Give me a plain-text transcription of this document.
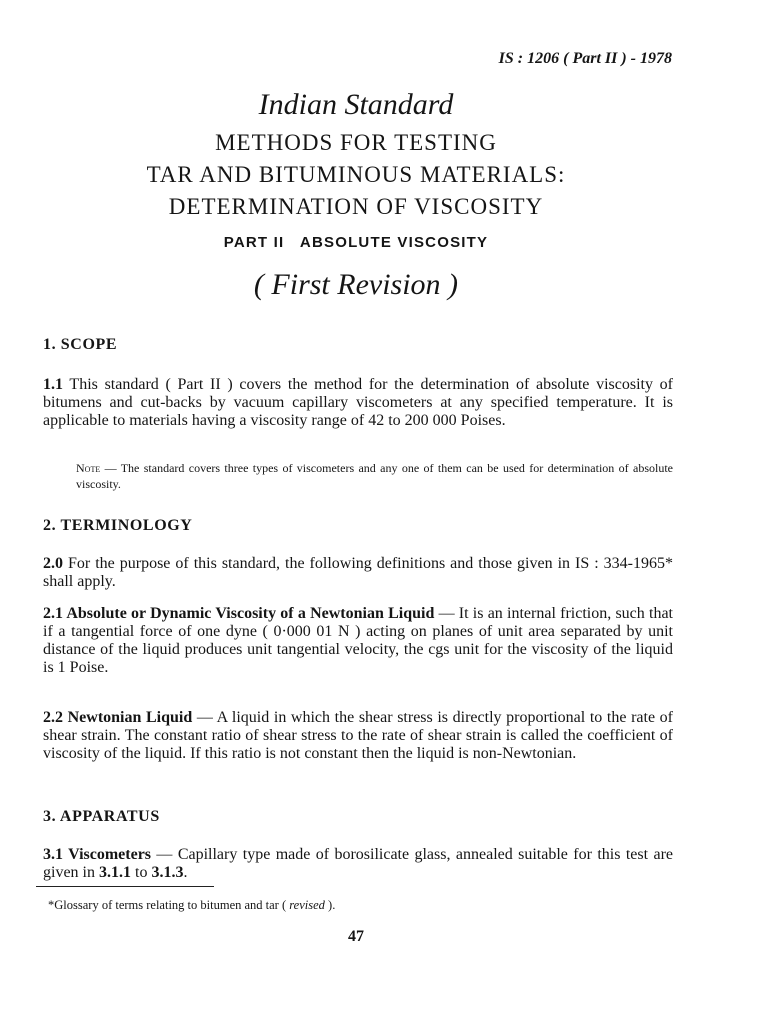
IS : 1206 ( Part II ) - 1978
Indian Standard
METHODS FOR TESTING
TAR AND BITUMINOUS MATERIALS:
DETERMINATION OF VISCOSITY
PART II   ABSOLUTE VISCOSITY
( First Revision )
1. SCOPE

1.1 This standard ( Part II ) covers the method for the determination of absolute viscosity of bitumens and cut-backs by vacuum capillary viscometers at any specified temperature. It is applicable to materials having a viscosity range of 42 to 200 000 Poises.

Note — The standard covers three types of viscometers and any one of them can be used for determination of absolute viscosity.

2. TERMINOLOGY

2.0 For the purpose of this standard, the following definitions and those given in IS : 334-1965* shall apply.

2.1 Absolute or Dynamic Viscosity of a Newtonian Liquid — It is an internal friction, such that if a tangential force of one dyne ( 0·000 01 N ) acting on planes of unit area separated by unit distance of the liquid produces unit tangential velocity, the cgs unit for the viscosity of the liquid is 1 Poise.

2.2 Newtonian Liquid — A liquid in which the shear stress is directly proportional to the rate of shear strain. The constant ratio of shear stress to the rate of shear strain is called the coefficient of viscosity of the liquid. If this ratio is not constant then the liquid is non-Newtonian.

3. APPARATUS

3.1 Viscometers — Capillary type made of borosilicate glass, annealed suitable for this test are given in 3.1.1 to 3.1.3.

*Glossary of terms relating to bitumen and tar ( revised ).
47
